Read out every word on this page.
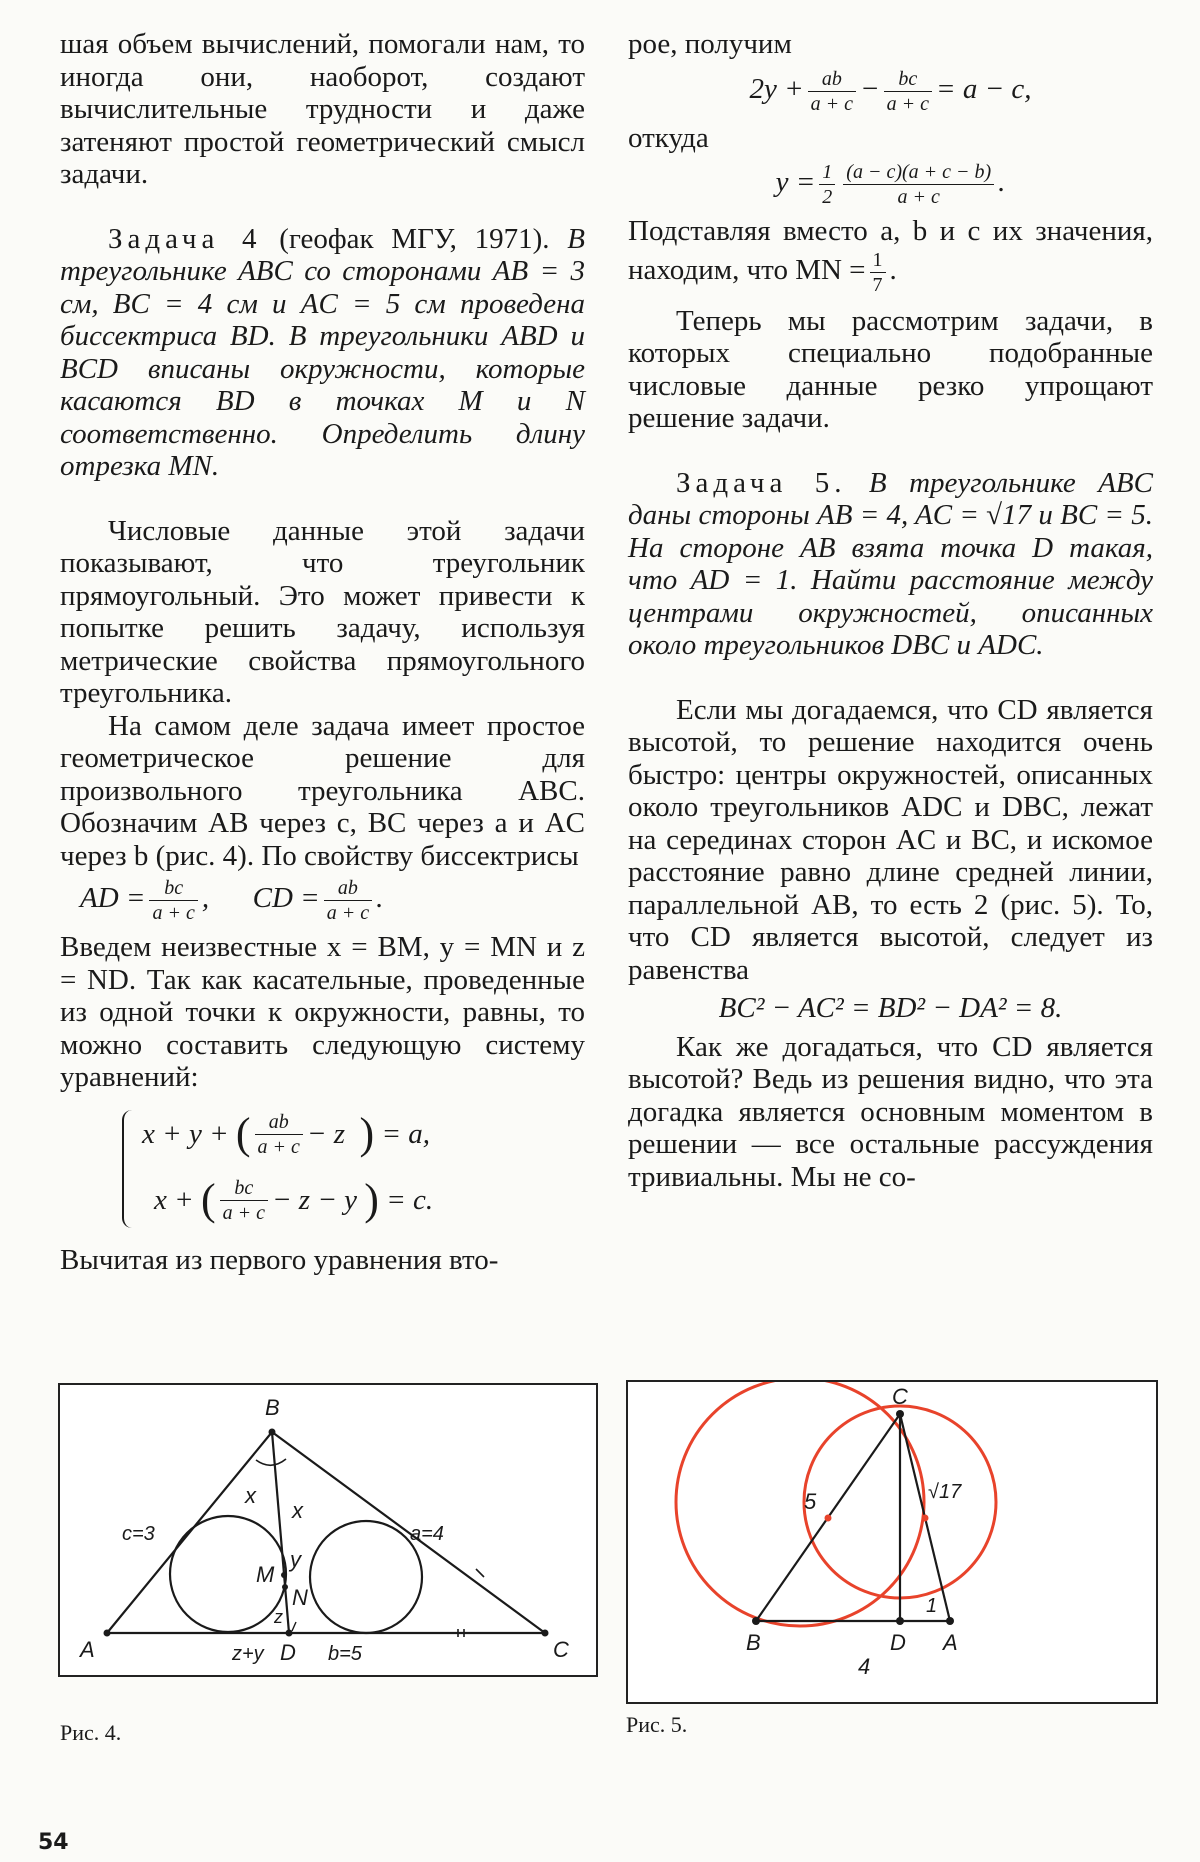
шая объем вычислений, помогали нам, то иногда они, наоборот, создают вычислительные трудности и даже затеняют простой геометрический смысл задачи.

Задача 4 (геофак МГУ, 1971). В треугольнике ABC со сторонами AB = 3 см, BC = 4 см и AC = 5 см проведена биссектриса BD. В треугольники ABD и BCD вписаны окружности, которые касаются BD в точках M и N соответственно. Определить длину отрезка MN.

Числовые данные этой задачи показывают, что треугольник прямоугольный. Это может привести к попытке решить задачу, используя метрические свойства прямоугольного треугольника.

На самом деле задача имеет простое геометрическое решение для произвольного треугольника ABC. Обозначим AB через c, BC через a и AC через b (рис. 4). По свойству биссектрисы

AD = $\frac{bc}{a + c}$ ,      CD = $\frac{ab}{a + c}$ .

Введем неизвестные x = BM, y = MN и z = ND. Так как касательные, проведенные из одной точки к окружности, равны, то можно составить следующую систему уравнений:

x + y +
( $\frac{ab}{a + c} - z$
)
= a,
x +
( $\frac{bc}{a + c} - z - y$
)
= c.

Вычитая из первого уравнения вто-

рое, получим

$2y + \frac{ab}{a + c} - \frac{bc}{a + c} = a - c$,

откуда

$y = \frac{1}{2} \frac{(a - c)(a + c - b)}{a + c}$ .

Подставляя вместо a, b и c их значения, находим, что MN = $\frac{1}{7}$ .

Теперь мы рассмотрим задачи, в которых специально подобранные числовые данные резко упрощают решение задачи.

Задача 5. В треугольнике ABC даны стороны AB = 4, AC = √17 и BC = 5. На стороне AB взята точка D такая, что AD = 1. Найти расстояние между центрами окружностей, описанных около треугольников DBC и ADC.

Если мы догадаемся, что CD является высотой, то решение находится очень быстро: центры окружностей, описанных около треугольников ADC и DBC, лежат на серединах сторон AC и BC, и искомое расстояние равно длине средней линии, параллельной AB, то есть 2 (рис. 5). То, что CD является высотой, следует из равенства

BC² − AC² = BD² − DA² = 8.

Как же догадаться, что CD является высотой? Ведь из решения видно, что эта догадка является основным моментом в решении — все остальные рассуждения тривиальны. Мы не со-

B
A	C
D
M
N
x
x
y
z
c=3	a=4
z+y	b=5
Рис. 4.
C
B	D A
5	√17
1
4
Рис. 5.
54
